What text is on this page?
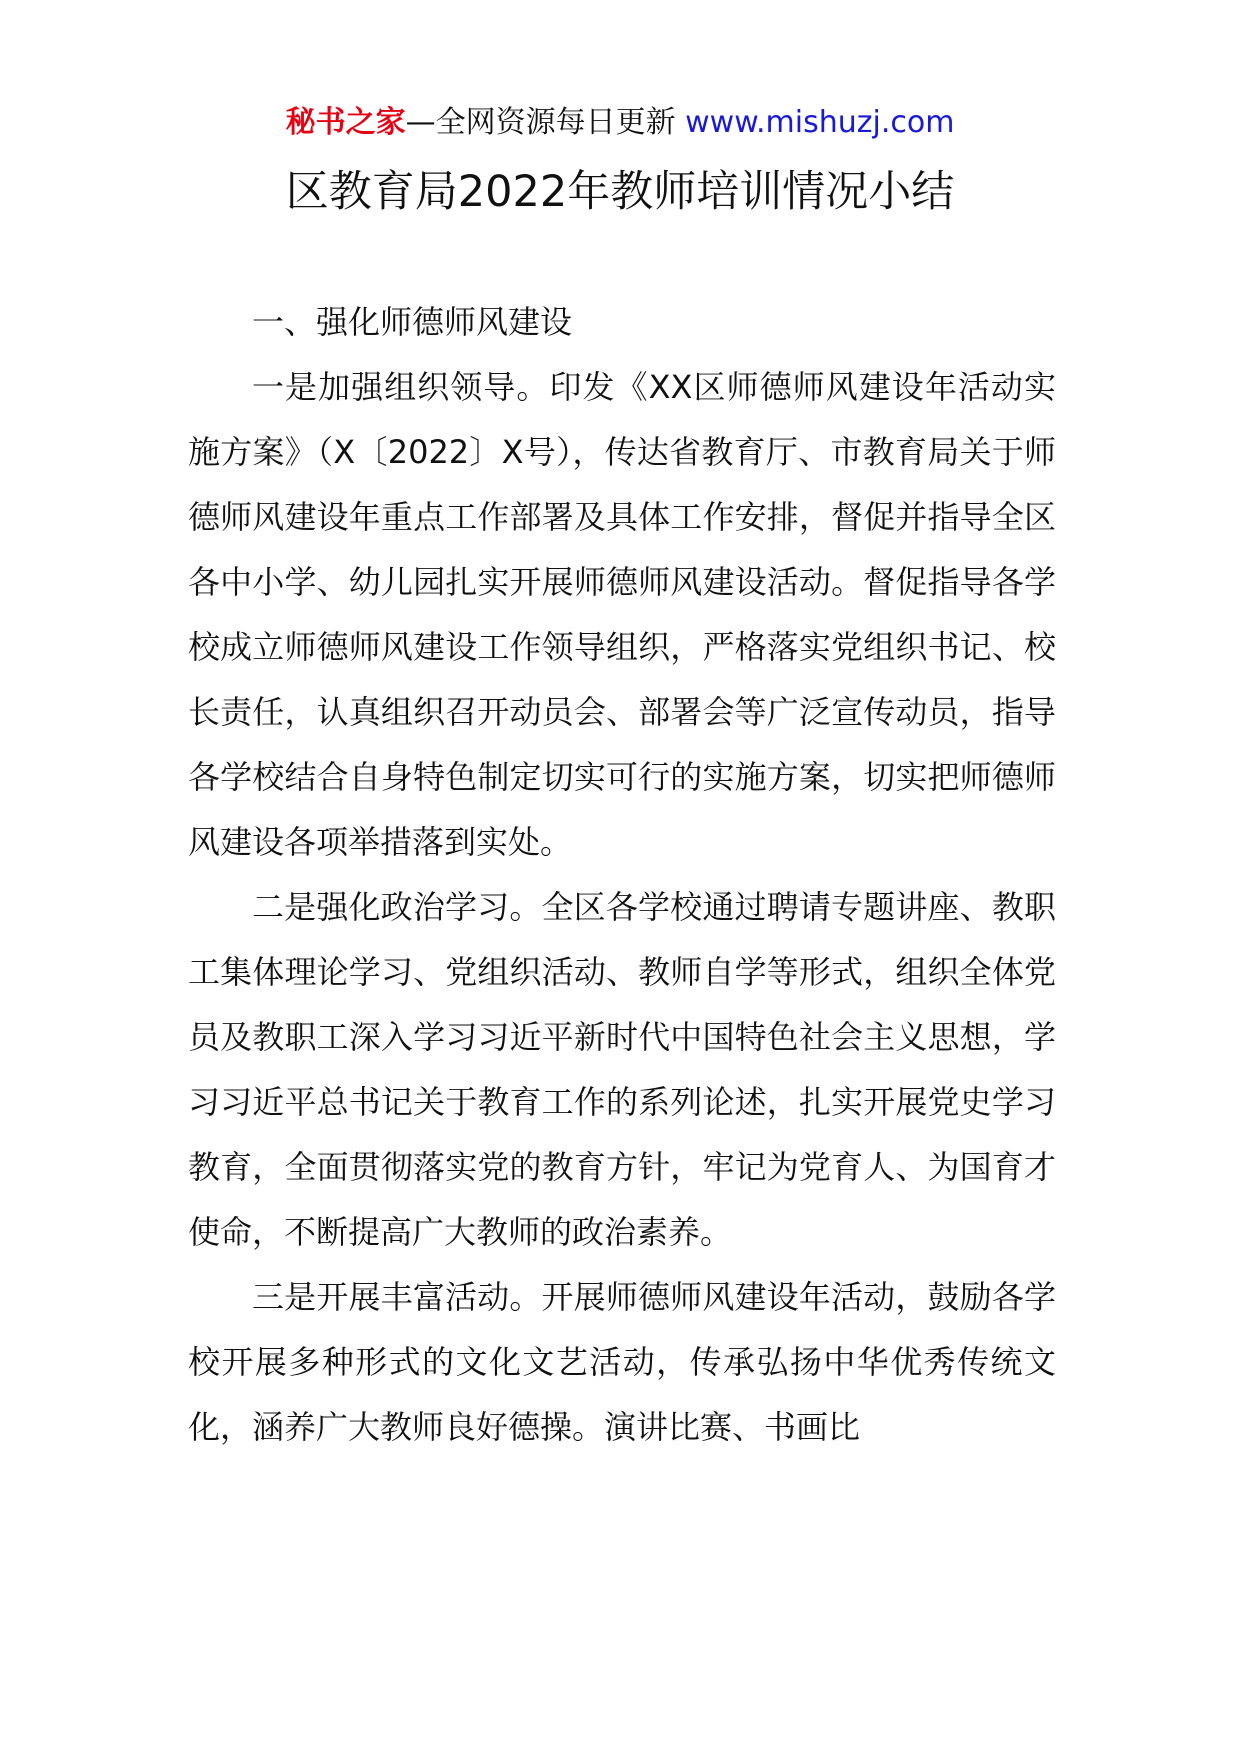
秘书之家—全网资源每日更新 www.mishuzj.com
区教育局2022年教师培训情况小结

一、强化师德师风建设

一是加强组织领导。印发《XX区师德师风建设年活动实施方案》（X〔2022〕X号），传达省教育厅、市教育局关于师德师风建设年重点工作部署及具体工作安排，督促并指导全区各中小学、幼儿园扎实开展师德师风建设活动。督促指导各学校成立师德师风建设工作领导组织，严格落实党组织书记、校长责任，认真组织召开动员会、部署会等广泛宣传动员，指导各学校结合自身特色制定切实可行的实施方案，切实把师德师风建设各项举措落到实处。

二是强化政治学习。全区各学校通过聘请专题讲座、教职工集体理论学习、党组织活动、教师自学等形式，组织全体党员及教职工深入学习习近平新时代中国特色社会主义思想，学习习近平总书记关于教育工作的系列论述，扎实开展党史学习教育，全面贯彻落实党的教育方针，牢记为党育人、为国育才使命，不断提高广大教师的政治素养。

三是开展丰富活动。开展师德师风建设年活动，鼓励各学校开展多种形式的文化文艺活动，传承弘扬中华优秀传统文化，涵养广大教师良好德操。演讲比赛、书画比
